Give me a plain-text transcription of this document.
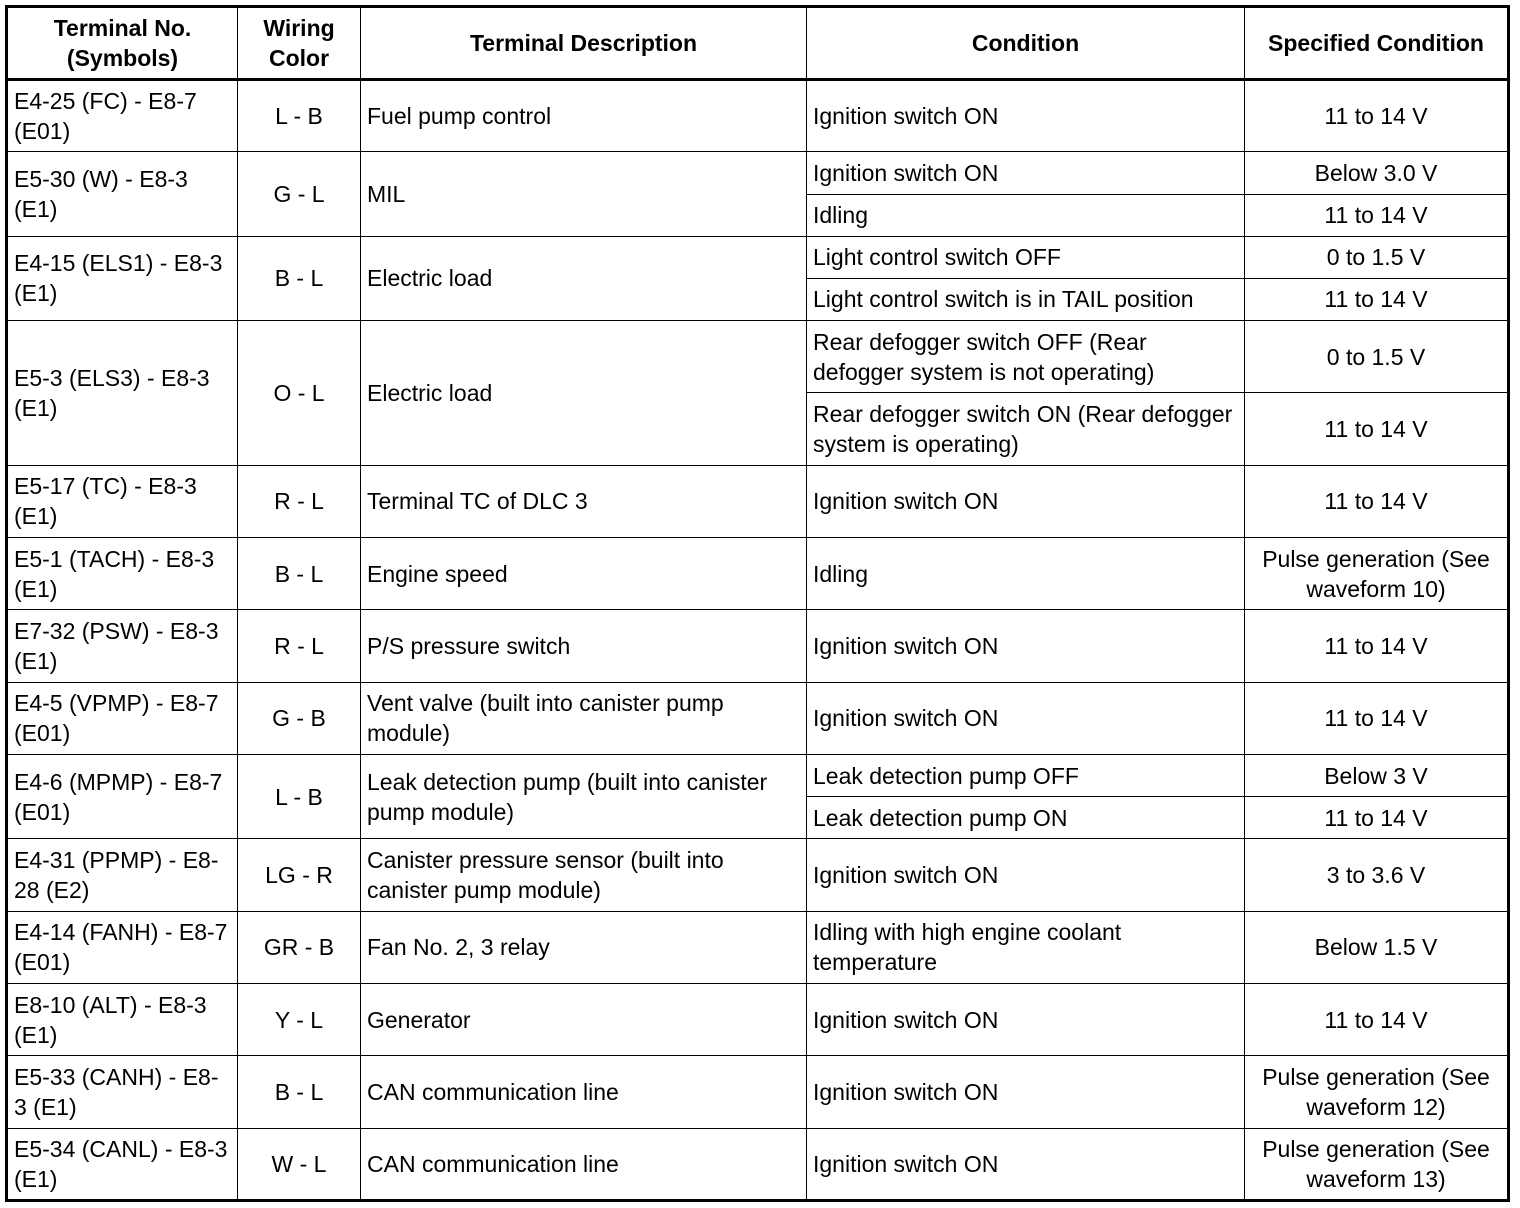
Terminal No. (Symbols)	Wiring Color	Terminal Description	Condition	Specified Condition
E4-25 (FC) - E8-7 (E01)	L - B	Fuel pump control	Ignition switch ON	11 to 14 V
E5-30 (W) - E8-3 (E1)	G - L	MIL	Ignition switch ON	Below 3.0 V
			Idling	11 to 14 V
E4-15 (ELS1) - E8-3 (E1)	B - L	Electric load	Light control switch OFF	0 to 1.5 V
			Light control switch is in TAIL position	11 to 14 V
E5-3 (ELS3) - E8-3 (E1)	O - L	Electric load	Rear defogger switch OFF (Rear defogger system is not operating)	0 to 1.5 V
			Rear defogger switch ON (Rear defogger system is operating)	11 to 14 V
E5-17 (TC) - E8-3 (E1)	R - L	Terminal TC of DLC 3	Ignition switch ON	11 to 14 V
E5-1 (TACH) - E8-3 (E1)	B - L	Engine speed	Idling	Pulse generation (See waveform 10)
E7-32 (PSW) - E8-3 (E1)	R - L	P/S pressure switch	Ignition switch ON	11 to 14 V
E4-5 (VPMP) - E8-7 (E01)	G - B	Vent valve (built into canister pump module)	Ignition switch ON	11 to 14 V
E4-6 (MPMP) - E8-7 (E01)	L - B	Leak detection pump (built into canister pump module)	Leak detection pump OFF	Below 3 V
			Leak detection pump ON	11 to 14 V
E4-31 (PPMP) - E8-28 (E2)	LG - R	Canister pressure sensor (built into canister pump module)	Ignition switch ON	3 to 3.6 V
E4-14 (FANH) - E8-7 (E01)	GR - B	Fan No. 2, 3 relay	Idling with high engine coolant temperature	Below 1.5 V
E8-10 (ALT) - E8-3 (E1)	Y - L	Generator	Ignition switch ON	11 to 14 V
E5-33 (CANH) - E8-3 (E1)	B - L	CAN communication line	Ignition switch ON	Pulse generation (See waveform 12)
E5-34 (CANL) - E8-3 (E1)	W - L	CAN communication line	Ignition switch ON	Pulse generation (See waveform 13)
